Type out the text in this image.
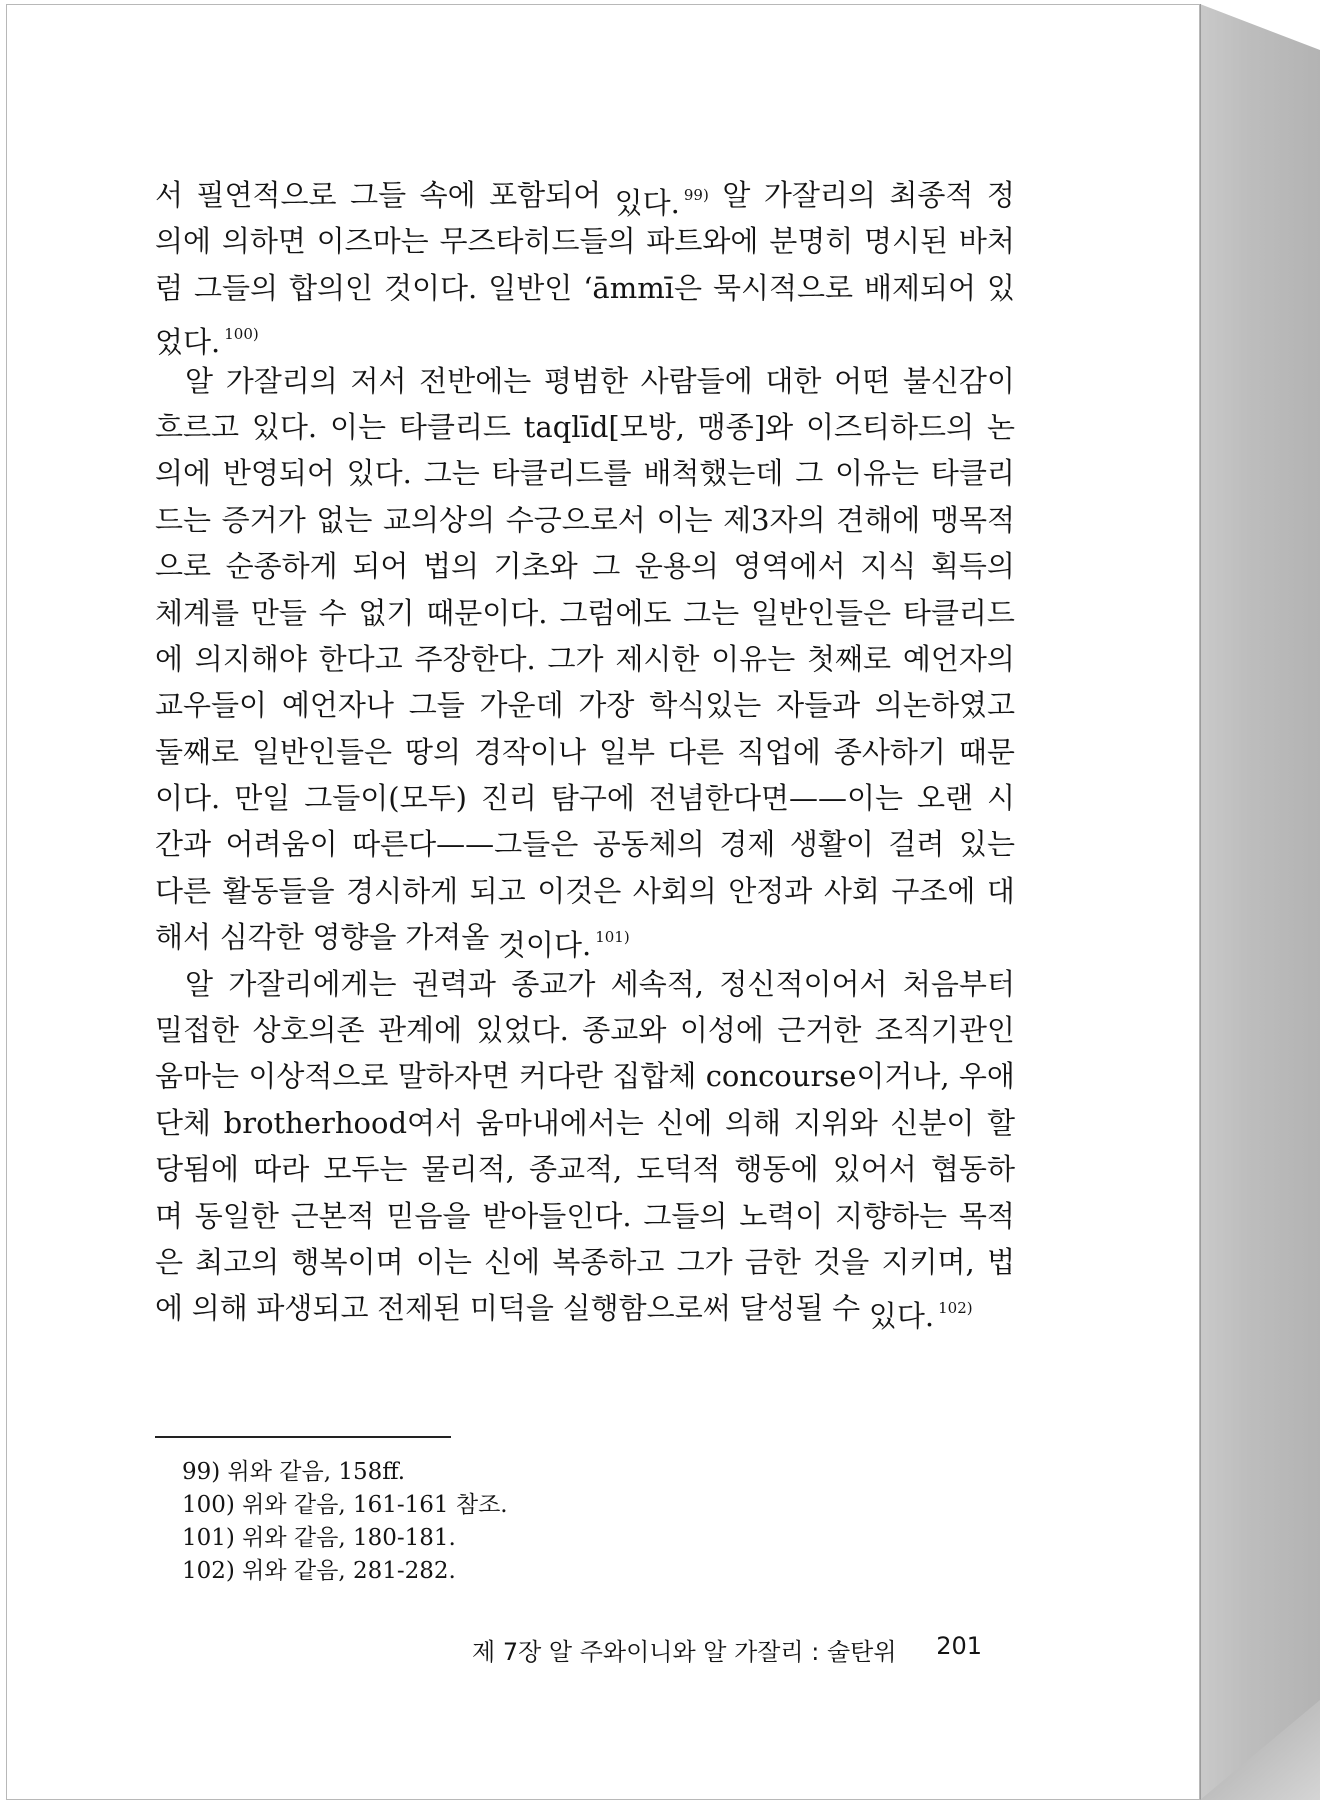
서 필연적으로 그들 속에 포함되어 있다. $^{99)}$ 알 가잘리의 최종적 정
의에 의하면 이즈마는 무즈타히드들의 파트와에 분명히 명시된 바처
럼 그들의 합의인 것이다. 일반인 ‘āmmī은 묵시적으로 배제되어 있
었다. $^{100)}$
알 가잘리의 저서 전반에는 평범한 사람들에 대한 어떤 불신감이
흐르고 있다. 이는 타클리드 taqlīd[모방, 맹종]와 이즈티하드의 논
의에 반영되어 있다. 그는 타클리드를 배척했는데 그 이유는 타클리
드는 증거가 없는 교의상의 수긍으로서 이는 제3자의 견해에 맹목적
으로 순종하게 되어 법의 기초와 그 운용의 영역에서 지식 획득의
체계를 만들 수 없기 때문이다. 그럼에도 그는 일반인들은 타클리드
에 의지해야 한다고 주장한다. 그가 제시한 이유는 첫째로 예언자의
교우들이 예언자나 그들 가운데 가장 학식있는 자들과 의논하였고
둘째로 일반인들은 땅의 경작이나 일부 다른 직업에 종사하기 때문
이다. 만일 그들이(모두) 진리 탐구에 전념한다면——이는 오랜 시
간과 어려움이 따른다——그들은 공동체의 경제 생활이 걸려 있는
다른 활동들을 경시하게 되고 이것은 사회의 안정과 사회 구조에 대
해서 심각한 영향을 가져올 것이다. $^{101)}$
알 가잘리에게는 권력과 종교가 세속적, 정신적이어서 처음부터
밀접한 상호의존 관계에 있었다. 종교와 이성에 근거한 조직기관인
움마는 이상적으로 말하자면 커다란 집합체 concourse이거나, 우애
단체 brotherhood여서 움마내에서는 신에 의해 지위와 신분이 할
당됨에 따라 모두는 물리적, 종교적, 도덕적 행동에 있어서 협동하
며 동일한 근본적 믿음을 받아들인다. 그들의 노력이 지향하는 목적
은 최고의 행복이며 이는 신에 복종하고 그가 금한 것을 지키며, 법
에 의해 파생되고 전제된 미덕을 실행함으로써 달성될 수 있다. $^{102)}$
99) 위와 같음, 158ff.
100) 위와 같음, 161-161 참조.
101) 위와 같음, 180-181.
102) 위와 같음, 281-282.
제 7장 알 주와이니와 알 가잘리 : 술탄위 201
